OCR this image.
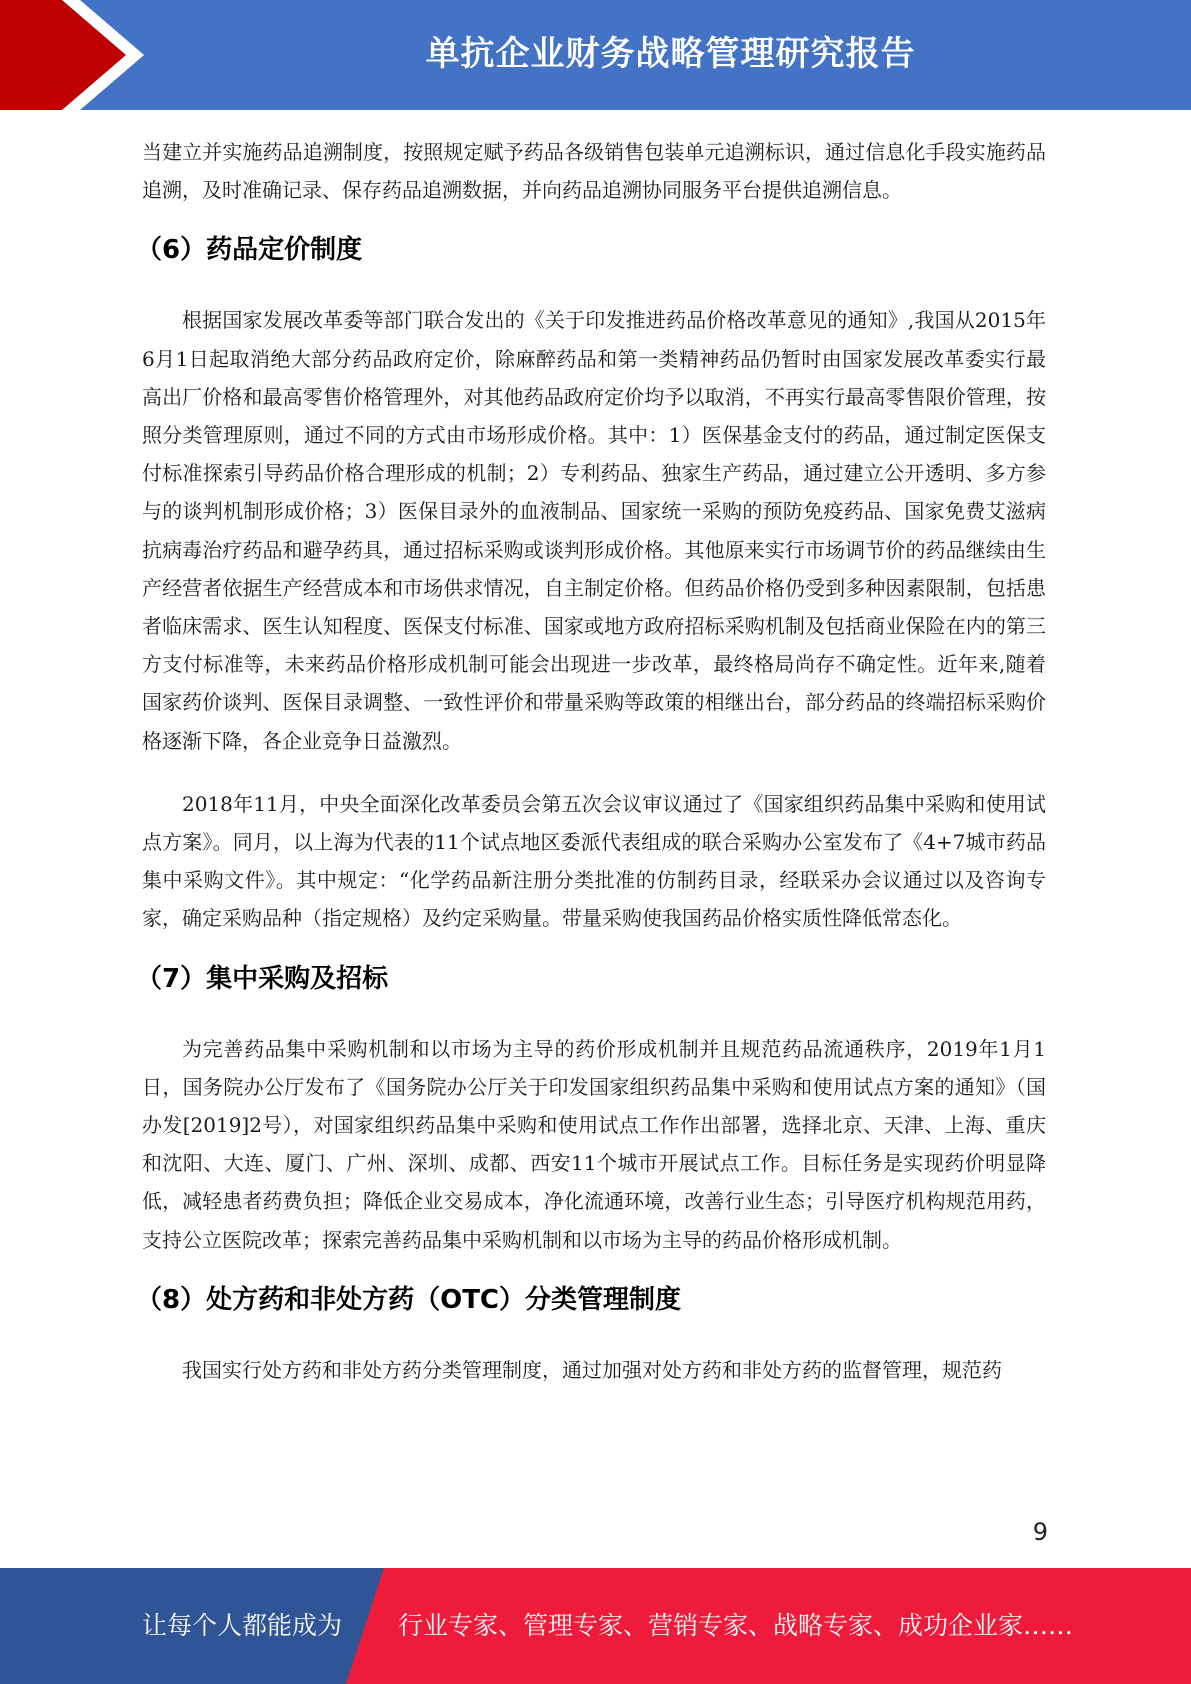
单抗企业财务战略管理研究报告

当建立并实施药品追溯制度，按照规定赋予药品各级销售包装单元追溯标识，通过信息化手段实施药品追溯，及时准确记录、保存药品追溯数据，并向药品追溯协同服务平台提供追溯信息。

（6）药品定价制度

根据国家发展改革委等部门联合发出的《关于印发推进药品价格改革意见的通知》,我国从2015年6月1日起取消绝大部分药品政府定价，除麻醉药品和第一类精神药品仍暂时由国家发展改革委实行最高出厂价格和最高零售价格管理外，对其他药品政府定价均予以取消，不再实行最高零售限价管理，按照分类管理原则，通过不同的方式由市场形成价格。其中：1）医保基金支付的药品，通过制定医保支付标准探索引导药品价格合理形成的机制；2）专利药品、独家生产药品，通过建立公开透明、多方参与的谈判机制形成价格；3）医保目录外的血液制品、国家统一采购的预防免疫药品、国家免费艾滋病抗病毒治疗药品和避孕药具，通过招标采购或谈判形成价格。其他原来实行市场调节价的药品继续由生产经营者依据生产经营成本和市场供求情况，自主制定价格。但药品价格仍受到多种因素限制，包括患者临床需求、医生认知程度、医保支付标准、国家或地方政府招标采购机制及包括商业保险在内的第三方支付标准等，未来药品价格形成机制可能会出现进一步改革，最终格局尚存不确定性。近年来,随着国家药价谈判、医保目录调整、一致性评价和带量采购等政策的相继出台，部分药品的终端招标采购价格逐渐下降，各企业竞争日益激烈。

2018年11月，中央全面深化改革委员会第五次会议审议通过了《国家组织药品集中采购和使用试点方案》。同月，以上海为代表的11个试点地区委派代表组成的联合采购办公室发布了《4+7城市药品集中采购文件》。其中规定：“化学药品新注册分类批准的仿制药目录，经联采办会议通过以及咨询专家，确定采购品种（指定规格）及约定采购量。带量采购使我国药品价格实质性降低常态化。

（7）集中采购及招标

为完善药品集中采购机制和以市场为主导的药价形成机制并且规范药品流通秩序，2019年1月1日，国务院办公厅发布了《国务院办公厅关于印发国家组织药品集中采购和使用试点方案的通知》（国办发[2019]2号），对国家组织药品集中采购和使用试点工作作出部署，选择北京、天津、上海、重庆和沈阳、大连、厦门、广州、深圳、成都、西安11个城市开展试点工作。目标任务是实现药价明显降低，减轻患者药费负担；降低企业交易成本，净化流通环境，改善行业生态；引导医疗机构规范用药，支持公立医院改革；探索完善药品集中采购机制和以市场为主导的药品价格形成机制。

（8）处方药和非处方药（OTC）分类管理制度

我国实行处方药和非处方药分类管理制度，通过加强对处方药和非处方药的监督管理，规范药

9
让每个人都能成为 行业专家、管理专家、营销专家、战略专家、成功企业家……
